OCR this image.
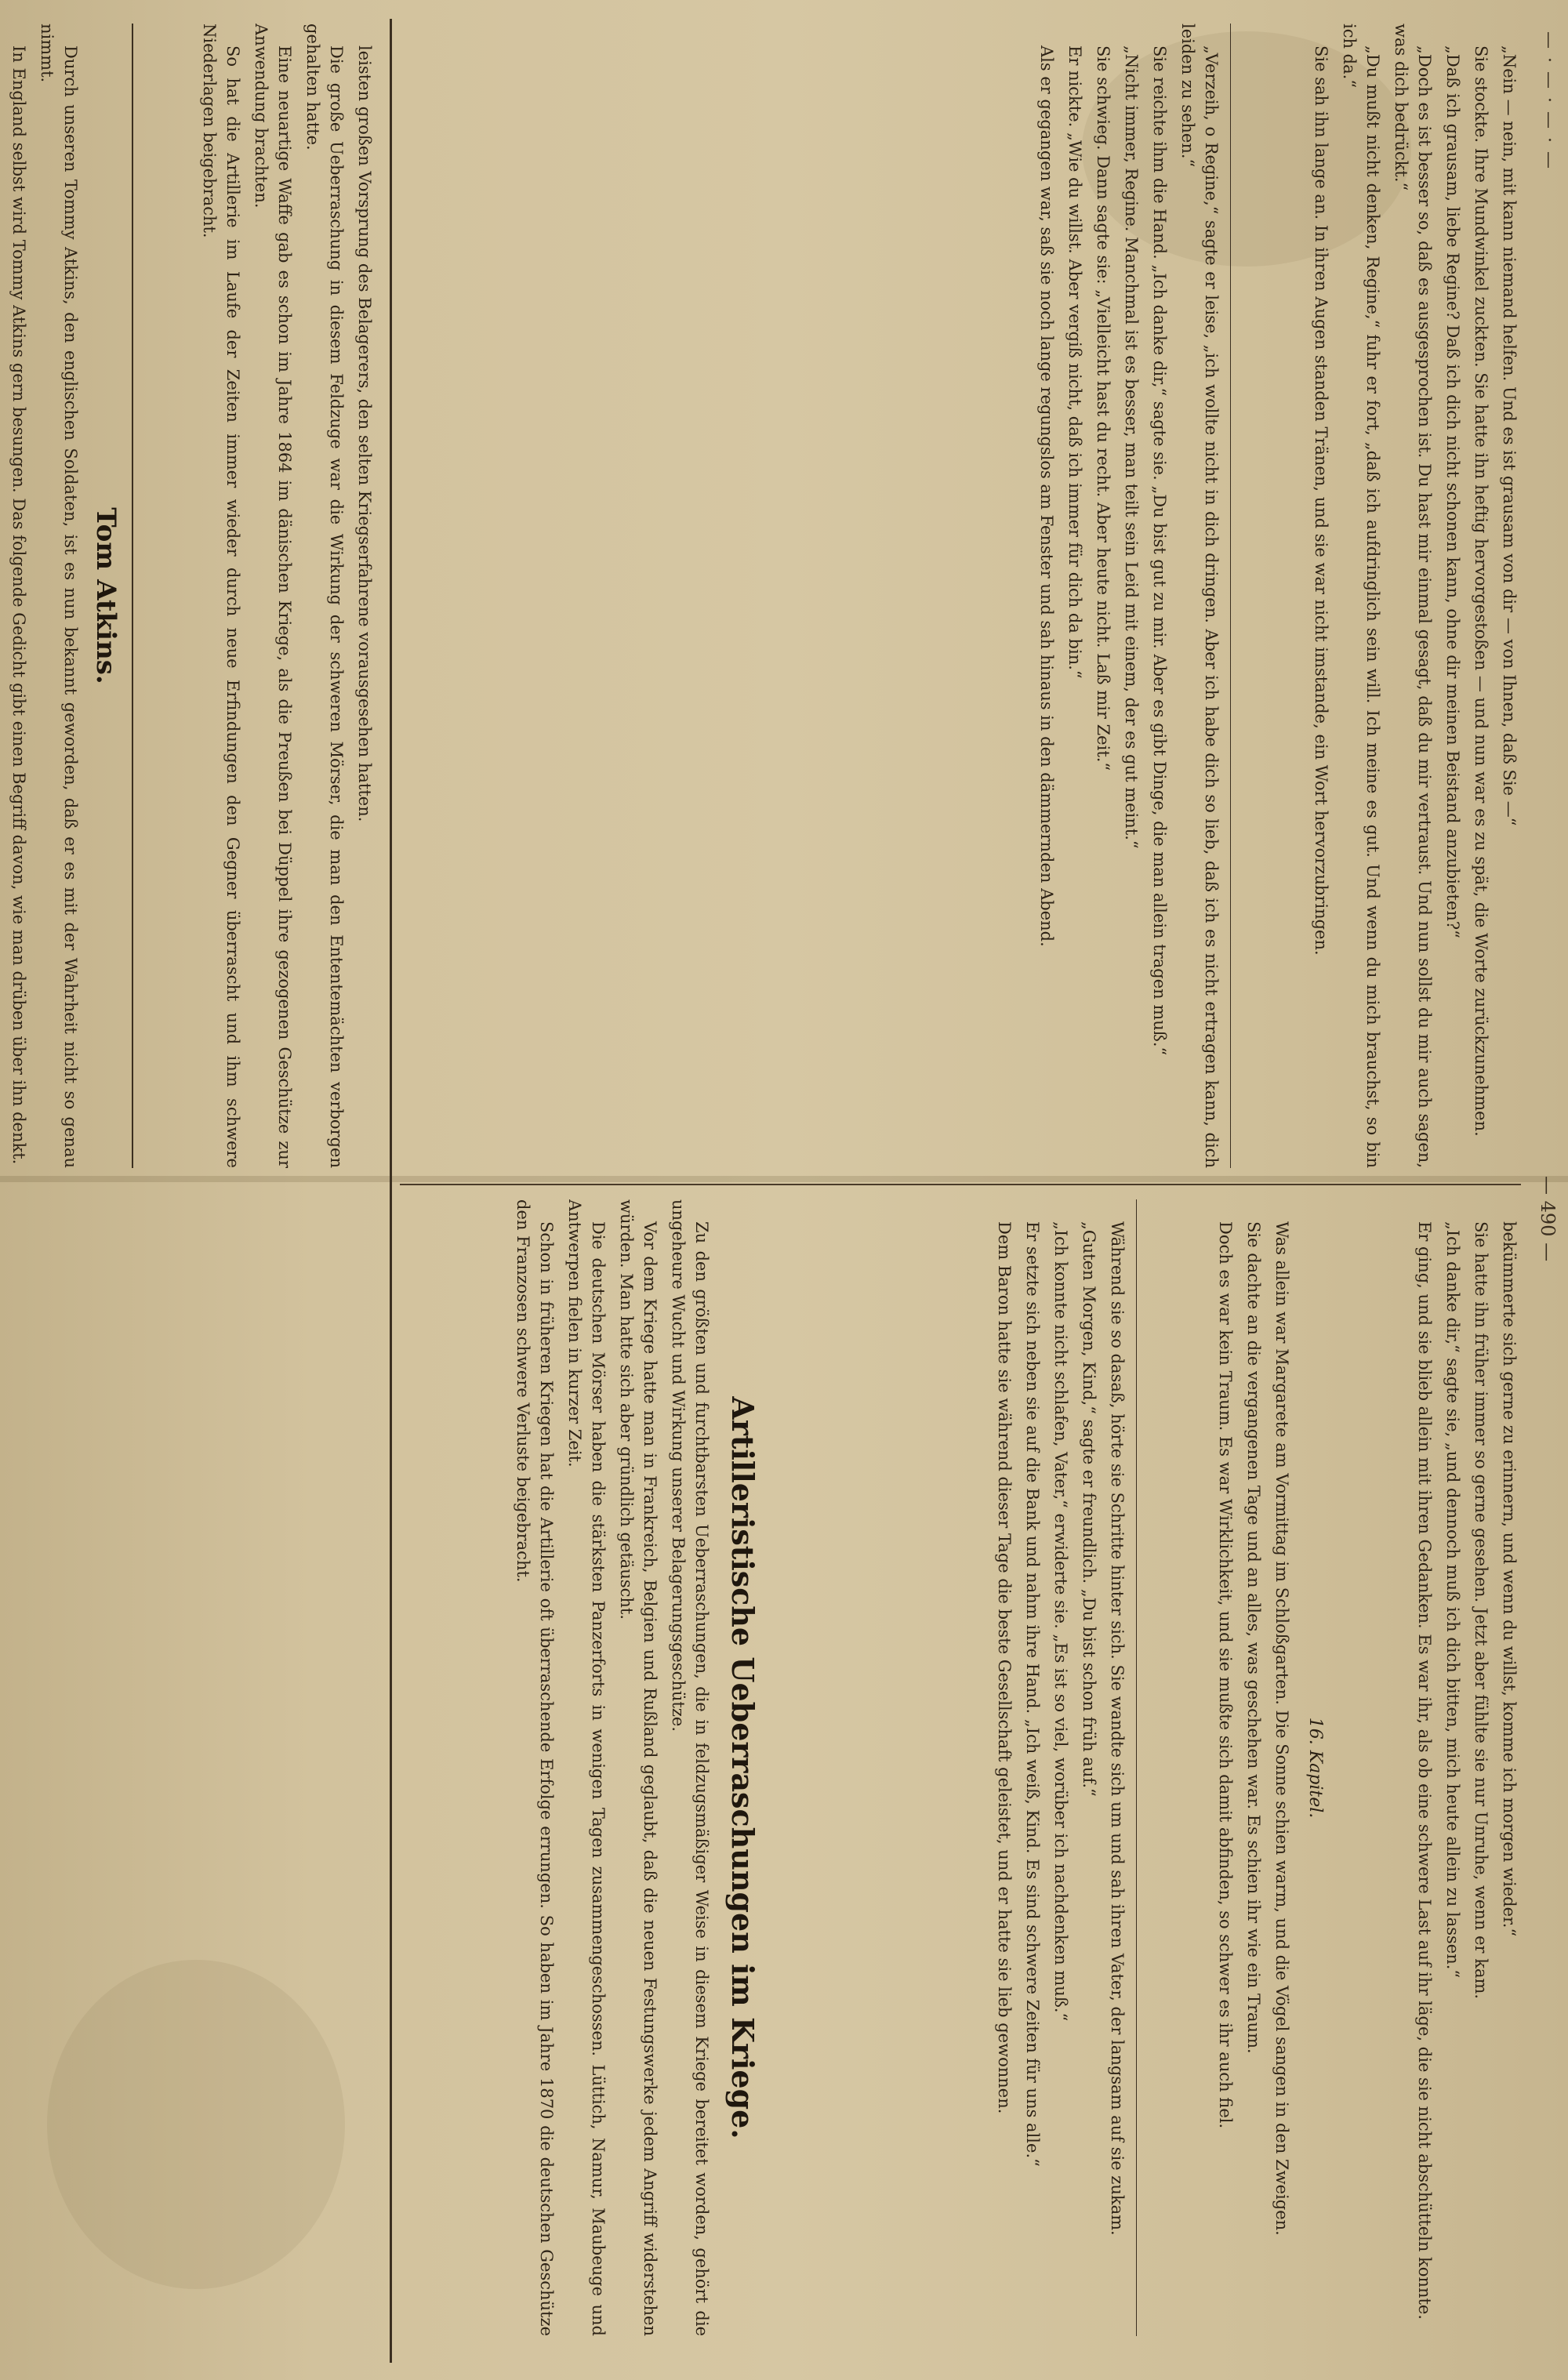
— 490 —
— · — · — · —

„Nein — nein, mit kann niemand helfen. Und es ist grausam von dir — von Ihnen, daß Sie —“

Sie stockte. Ihre Mundwinkel zuckten. Sie hatte ihn heftig hervorgestoßen — und nun war es zu spät, die Worte zurückzunehmen.

„Daß ich grausam, liebe Regine? Daß ich dich nicht schonen kann, ohne dir meinen Beistand anzubieten?“

„Doch es ist besser so, daß es ausgesprochen ist. Du hast mir einmal gesagt, daß du mir vertraust. Und nun sollst du mir auch sagen, was dich bedrückt.“

„Du mußt nicht denken, Regine,“ fuhr er fort, „daß ich aufdringlich sein will. Ich meine es gut. Und wenn du mich brauchst, so bin ich da.“

Sie sah ihn lange an. In ihren Augen standen Tränen, und sie war nicht imstande, ein Wort hervorzubringen.

„Verzeih, o Regine,“ sagte er leise, „ich wollte nicht in dich dringen. Aber ich habe dich so lieb, daß ich es nicht ertragen kann, dich leiden zu sehen.“

Sie reichte ihm die Hand. „Ich danke dir,“ sagte sie. „Du bist gut zu mir. Aber es gibt Dinge, die man allein tragen muß.“

„Nicht immer, Regine. Manchmal ist es besser, man teilt sein Leid mit einem, der es gut meint.“

Sie schwieg. Dann sagte sie: „Vielleicht hast du recht. Aber heute nicht. Laß mir Zeit.“

Er nickte. „Wie du willst. Aber vergiß nicht, daß ich immer für dich da bin.“

Als er gegangen war, saß sie noch lange regungslos am Fenster und sah hinaus in den dämmernden Abend.

bekümmerte sich gerne zu erinnern, und wenn du willst, komme ich morgen wieder.“

Sie hatte ihn früher immer so gerne gesehen. Jetzt aber fühlte sie nur Unruhe, wenn er kam.

„Ich danke dir,“ sagte sie, „und dennoch muß ich dich bitten, mich heute allein zu lassen.“

Er ging, und sie blieb allein mit ihren Gedanken. Es war ihr, als ob eine schwere Last auf ihr läge, die sie nicht abschütteln konnte.

16. Kapitel.

Was allein war Margarete am Vormittag im Schloßgarten. Die Sonne schien warm, und die Vögel sangen in den Zweigen.

Sie dachte an die vergangenen Tage und an alles, was geschehen war. Es schien ihr wie ein Traum.

Doch es war kein Traum. Es war Wirklichkeit, und sie mußte sich damit abfinden, so schwer es ihr auch fiel.

Während sie so dasaß, hörte sie Schritte hinter sich. Sie wandte sich um und sah ihren Vater, der langsam auf sie zukam.

„Guten Morgen, Kind,“ sagte er freundlich. „Du bist schon früh auf.“

„Ich konnte nicht schlafen, Vater,“ erwiderte sie. „Es ist so viel, worüber ich nachdenken muß.“

Er setzte sich neben sie auf die Bank und nahm ihre Hand. „Ich weiß, Kind. Es sind schwere Zeiten für uns alle.“

Dem Baron hatte sie während dieser Tage die beste Gesellschaft geleistet, und er hatte sie lieb gewonnen.

Artilleristische Ueberraschungen im Kriege.

Zu den größten und furchtbarsten Ueberraschungen, die in feldzugsmäßiger Weise in diesem Kriege bereitet worden, gehört die ungeheure Wucht und Wirkung unserer Belagerungsgeschütze.

Vor dem Kriege hatte man in Frankreich, Belgien und Rußland geglaubt, daß die neuen Festungswerke jedem Angriff widerstehen würden. Man hatte sich aber gründlich getäuscht.

Die deutschen Mörser haben die stärksten Panzerforts in wenigen Tagen zusammengeschossen. Lüttich, Namur, Maubeuge und Antwerpen fielen in kurzer Zeit.

Schon in früheren Kriegen hat die Artillerie oft überraschende Erfolge errungen. So haben im Jahre 1870 die deutschen Geschütze den Franzosen schwere Verluste beigebracht.

leisten großen Vorsprung des Belagerers, den selten Kriegserfahrene vorausgesehen hatten.

Die große Ueberraschung in diesem Feldzuge war die Wirkung der schweren Mörser, die man den Ententemächten verborgen gehalten hatte.

Eine neuartige Waffe gab es schon im Jahre 1864 im dänischen Kriege, als die Preußen bei Düppel ihre gezogenen Geschütze zur Anwendung brachten.

So hat die Artillerie im Laufe der Zeiten immer wieder durch neue Erfindungen den Gegner überrascht und ihm schwere Niederlagen beigebracht.

Tom Atkins.

Durch unseren Tommy Atkins, den englischen Soldaten, ist es nun bekannt geworden, daß er es mit der Wahrheit nicht so genau nimmt.

In England selbst wird Tommy Atkins gern besungen. Das folgende Gedicht gibt einen Begriff davon, wie man drüben über ihn denkt.
